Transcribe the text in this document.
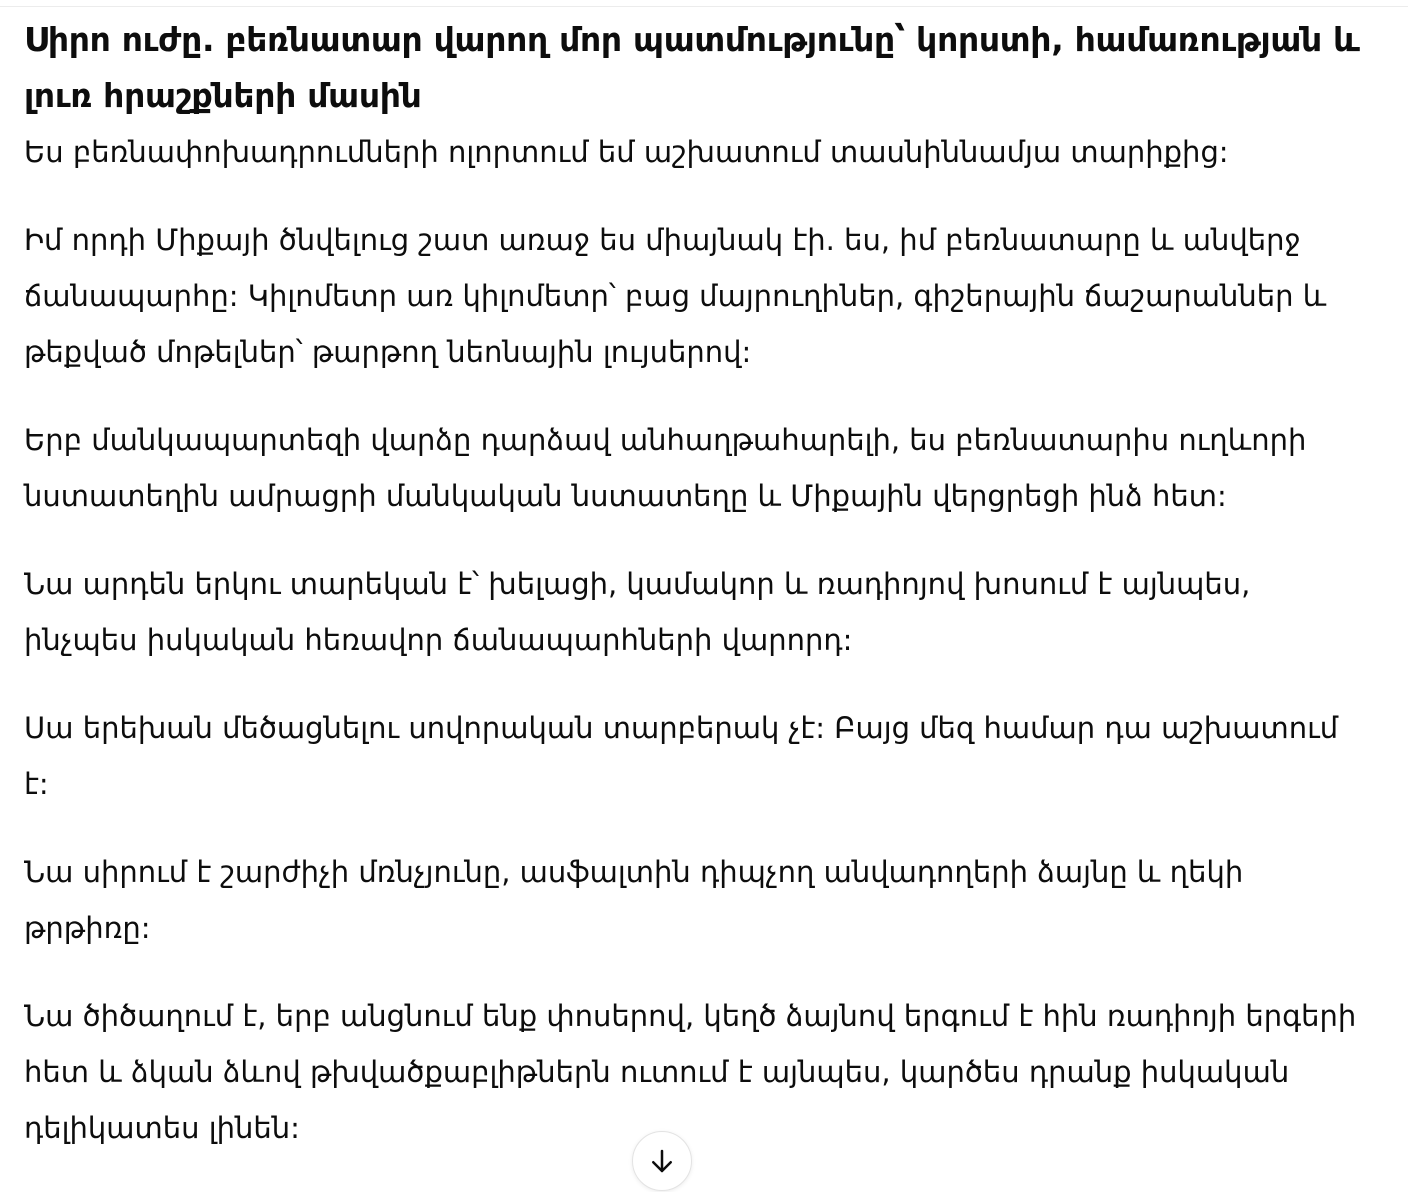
Սիրո ուժը. բեռնատար վարող մոր պատմությունը՝ կորստի, համառության և լուռ հրաշքների մասին

Ես բեռնափոխադրումների ոլորտում եմ աշխատում տասնիննամյա տարիքից:

Իմ որդի Միքայի ծնվելուց շատ առաջ ես միայնակ էի. ես, իմ բեռնատարը և անվերջ ճանապարհը: Կիլոմետր առ կիլոմետր՝ բաց մայրուղիներ, գիշերային ճաշարաններ և թեքված մոթելներ՝ թարթող նեոնային լույսերով:

Երբ մանկապարտեզի վարձը դարձավ անհաղթահարելի, ես բեռնատարիս ուղևորի նստատեղին ամրացրի մանկական նստատեղը և Միքային վերցրեցի ինձ հետ:

Նա արդեն երկու տարեկան է՝ խելացի, կամակոր և ռադիոյով խոսում է այնպես, ինչպես իսկական հեռավոր ճանապարհների վարորդ:

Սա երեխան մեծացնելու սովորական տարբերակ չէ: Բայց մեզ համար դա աշխատում է:

Նա սիրում է շարժիչի մռնչյունը, ասֆալտին դիպչող անվադողերի ձայնը և ղեկի թրթիռը:

Նա ծիծաղում է, երբ անցնում ենք փոսերով, կեղծ ձայնով երգում է հին ռադիոյի երգերի հետ և ձկան ձևով թխվածքաբլիթներն ուտում է այնպես, կարծես դրանք իսկական դելիկատես լինեն:
